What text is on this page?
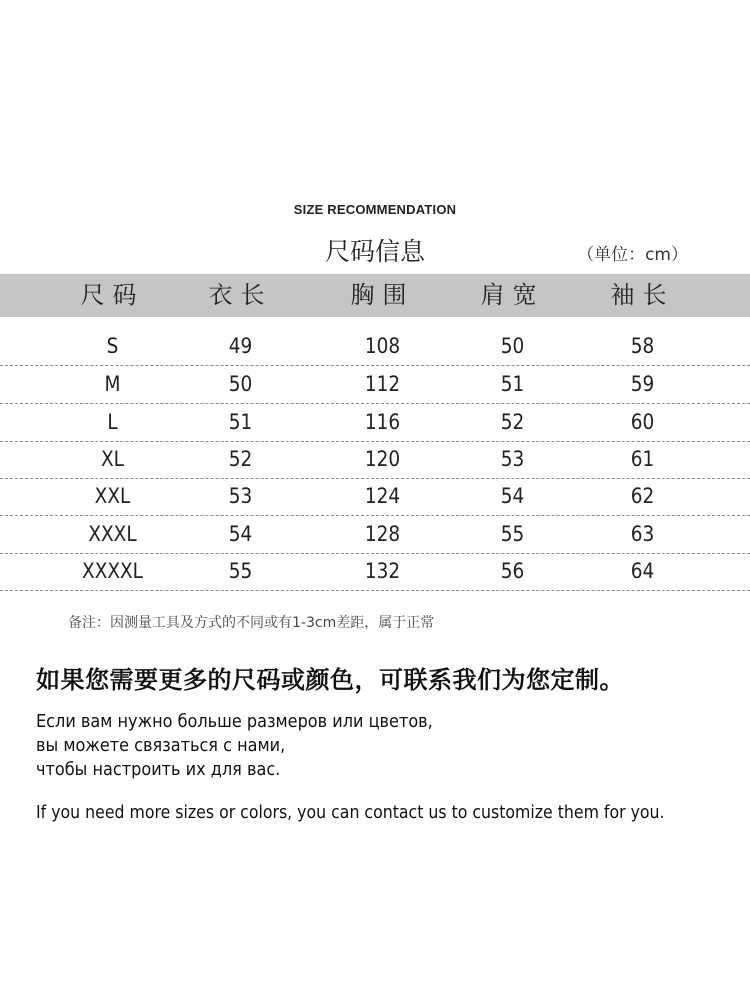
SIZE RECOMMENDATION
尺码信息	（单位：cm）
尺码	衣长	胸围	肩宽	袖长
S	49	108	50	58
M	50	112	51	59
L	51	116	52	60
XL	52	120	53	61
XXL	53	124	54	62
XXXL	54	128	55	63
XXXXL	55	132	56	64
备注：因测量工具及方式的不同或有1-3cm差距，属于正常
如果您需要更多的尺码或颜色，可联系我们为您定制。
Если вам нужно больше размеров или цветов,
вы можете связаться с нами,
чтобы настроить их для вас.
If you need more sizes or colors, you can contact us to customize them for you.
